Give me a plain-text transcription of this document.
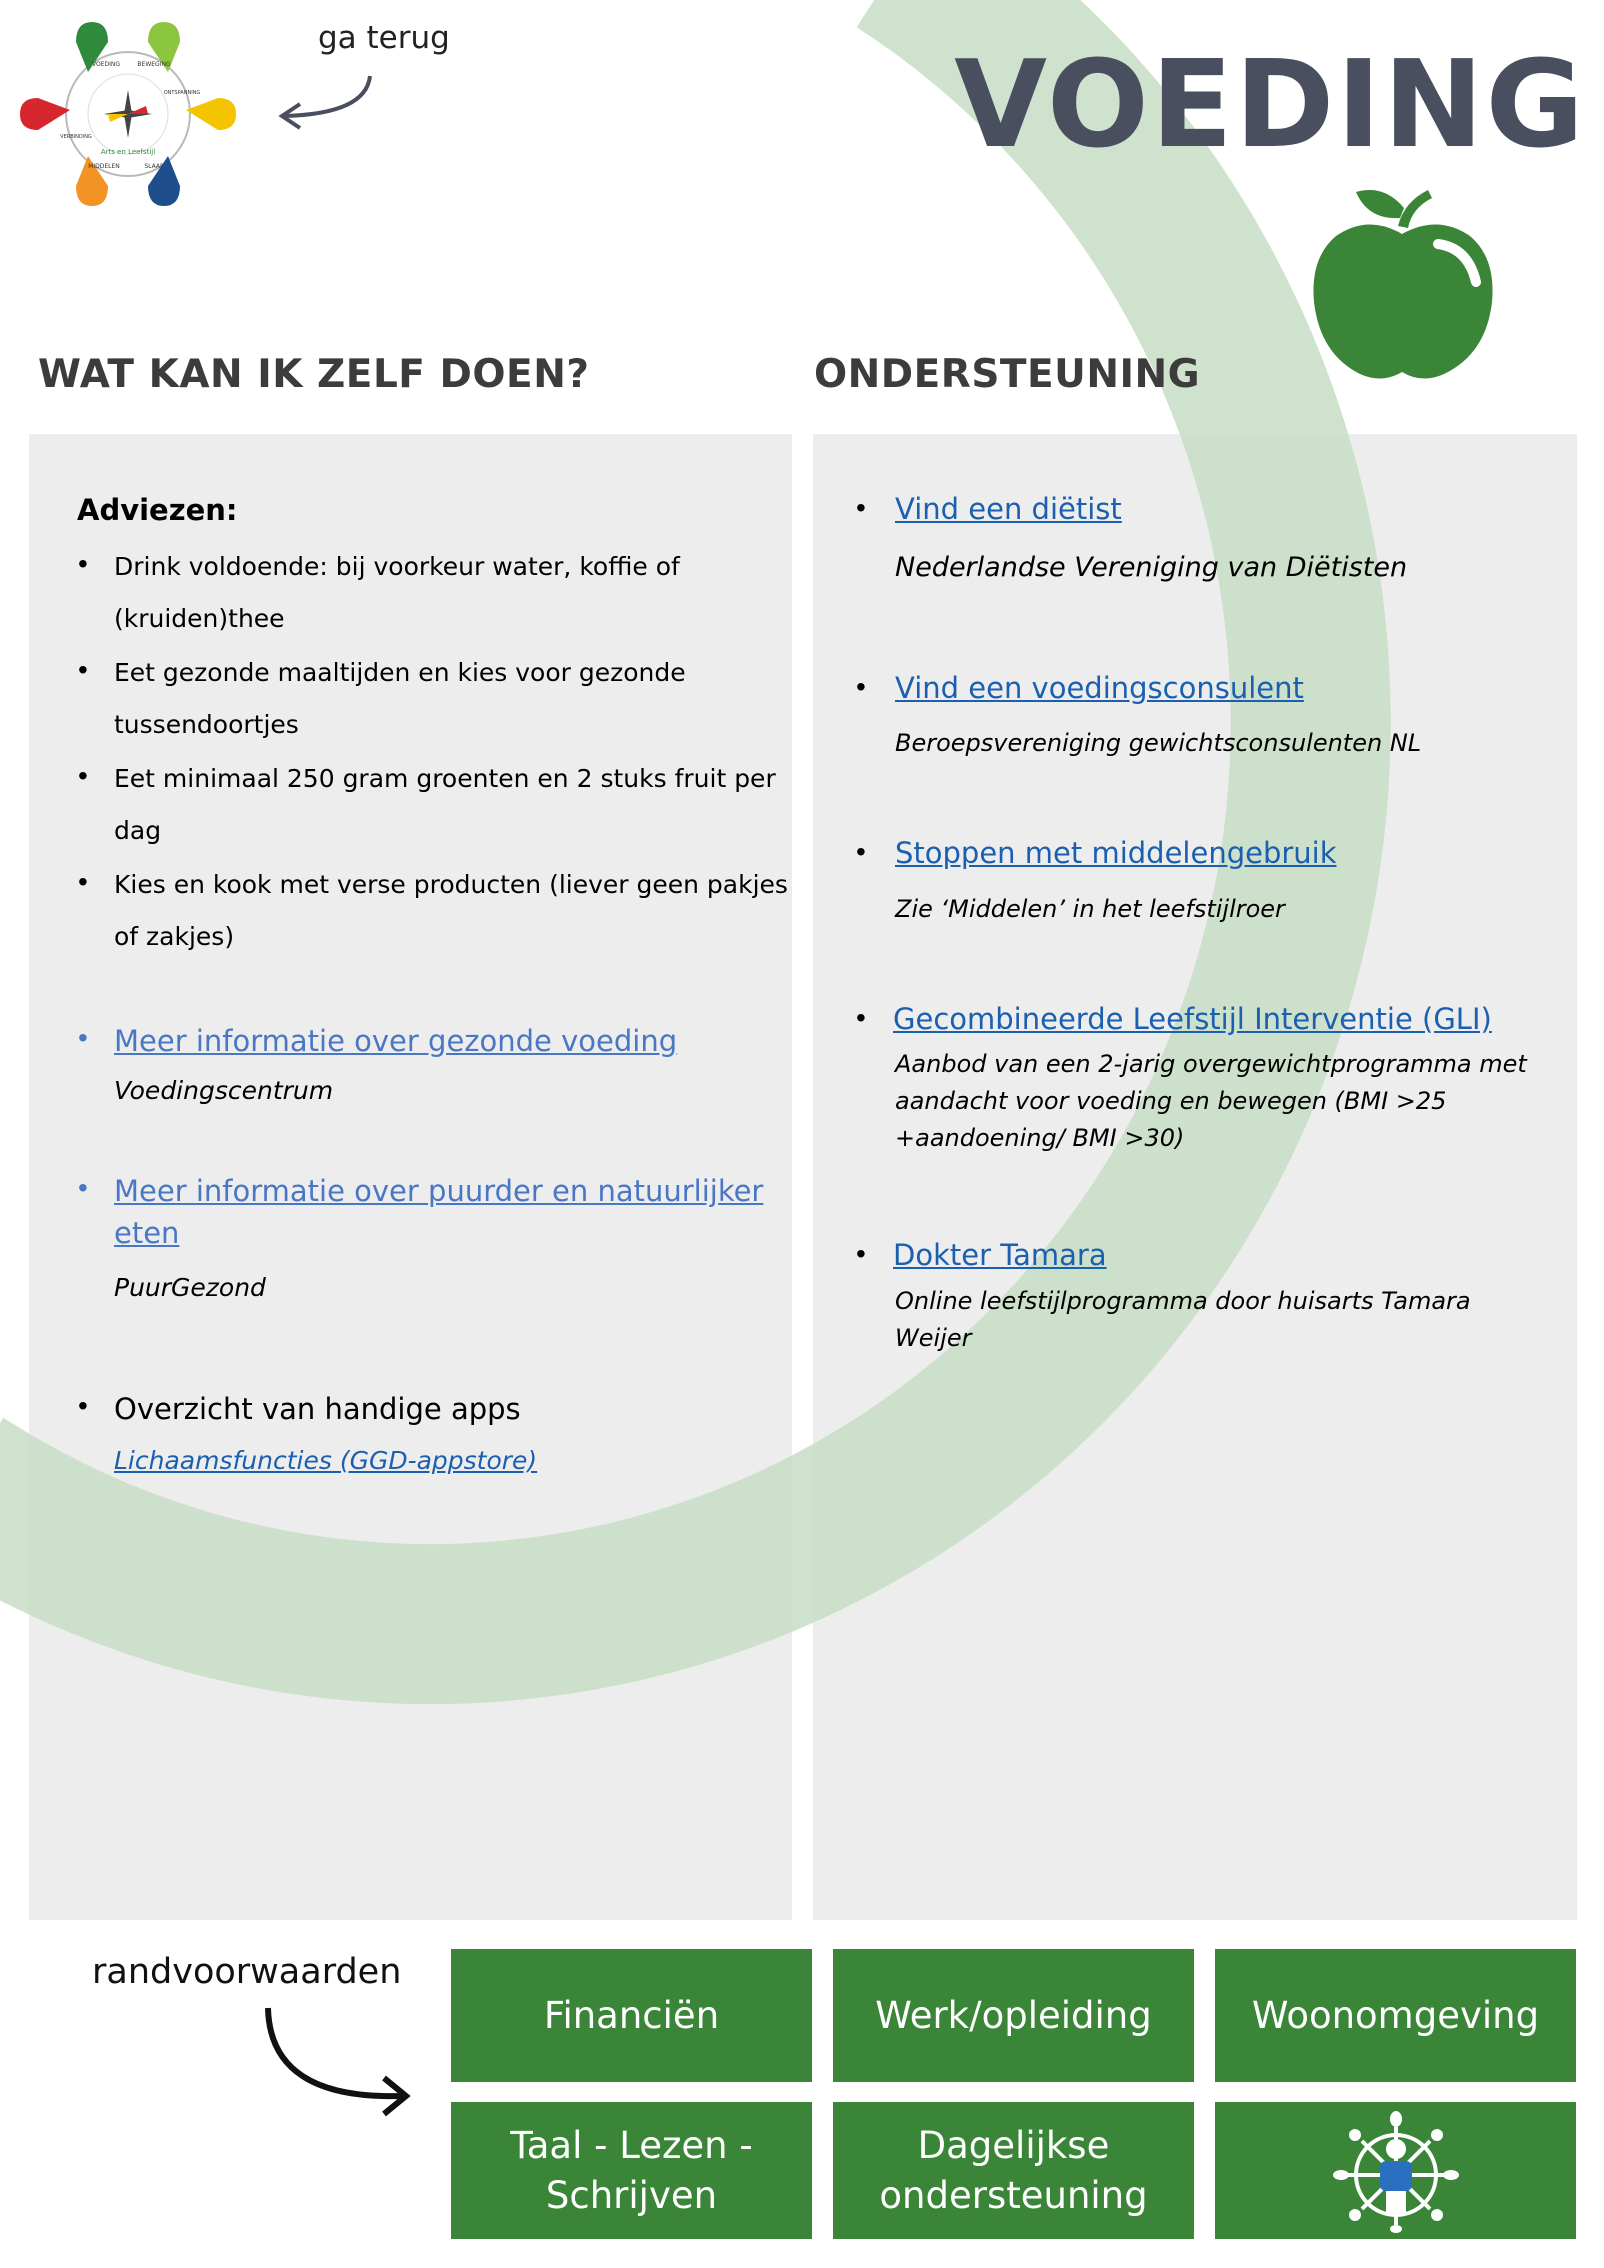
Arts en Leefstijl
VOEDING	BEWEGING
ONTSPANNING
SLAAP
MIDDELEN
VERBINDING
ga terug	VOEDING
WAT KAN IK ZELF DOEN?	ONDERSTEUNING
Adviezen:
• Drink voldoende: bij voorkeur water, koffie of
(kruiden)thee
• Eet gezonde maaltijden en kies voor gezonde
tussendoortjes
• Eet minimaal 250 gram groenten en 2 stuks fruit per
dag
• Kies en kook met verse producten (liever geen pakjes
of zakjes)
• Meer informatie over gezonde voeding
Voedingscentrum
• Meer informatie over puurder en natuurlijker
eten
PuurGezond
• Overzicht van handige apps
Lichaamsfuncties (GGD-appstore)
• Vind een diëtist
Nederlandse Vereniging van Diëtisten
• Vind een voedingsconsulent
Beroepsvereniging gewichtsconsulenten NL
• Stoppen met middelengebruik
Zie ‘Middelen’ in het leefstijlroer
• Gecombineerde Leefstijl Interventie (GLI)
Aanbod van een 2-jarig overgewichtprogramma met
aandacht voor voeding en bewegen (BMI >25
+aandoening/ BMI >30)
• Dokter Tamara
Online leefstijlprogramma door huisarts Tamara
Weijer
randvoorwaarden
Financiën	Werk/opleiding	Woonomgeving
Taal - Lezen -
Schrijven
Dagelijkse
ondersteuning
